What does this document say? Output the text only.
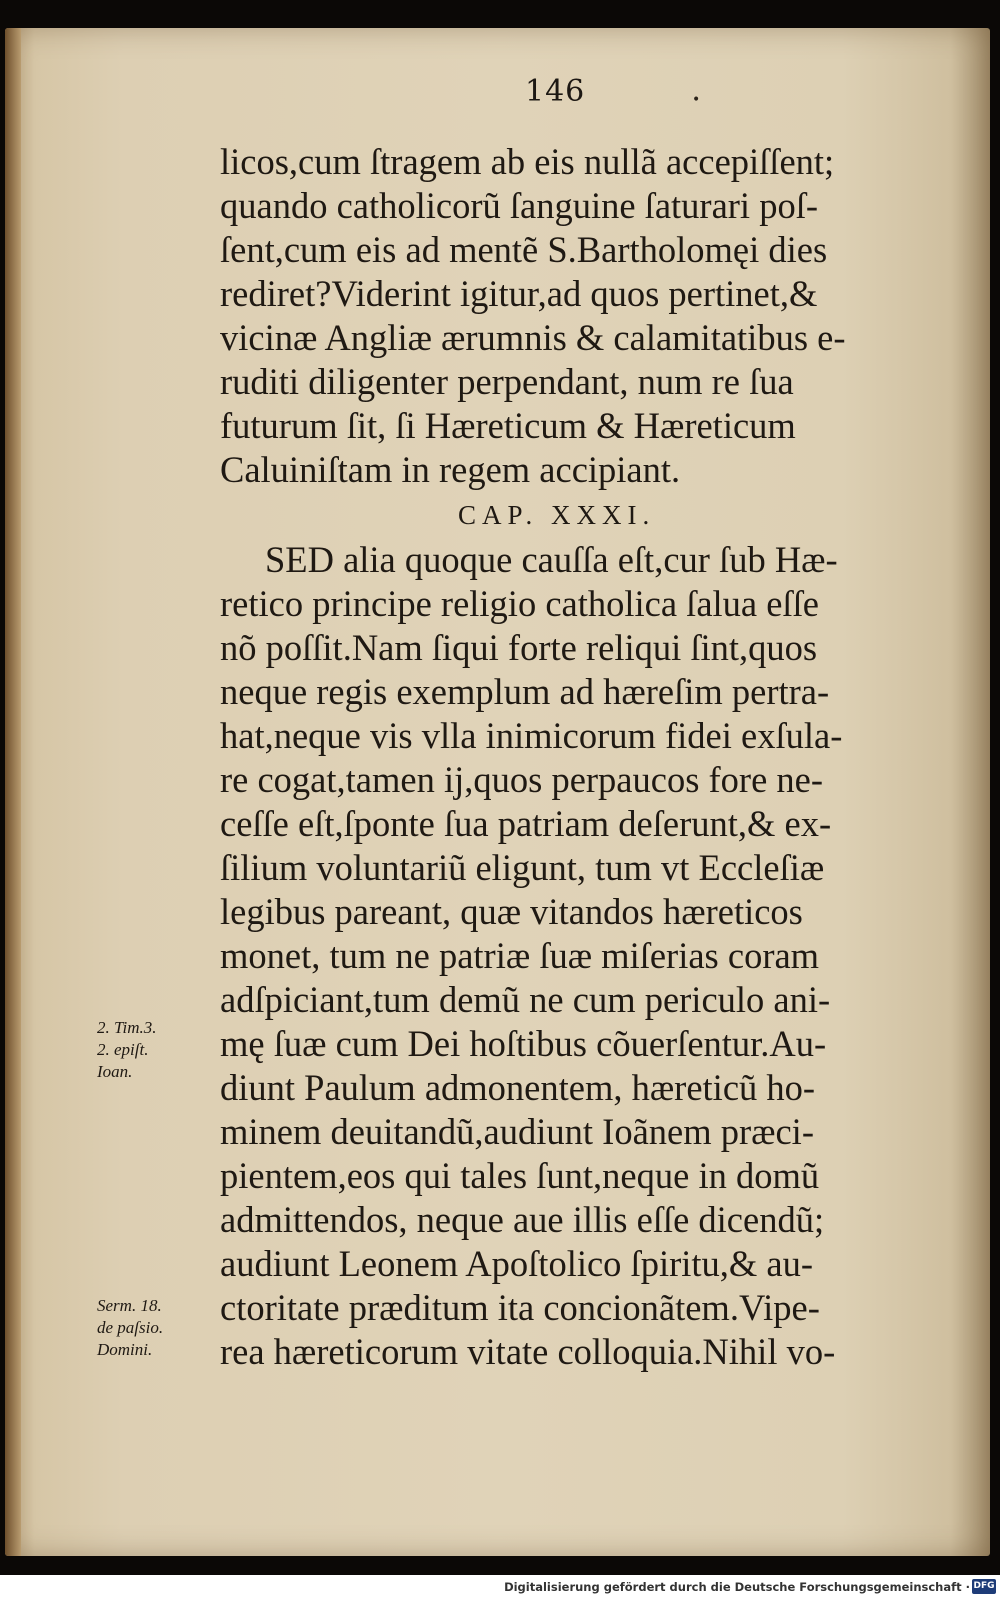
146	•
licos,cum ſtragem ab eis nullã accepiſſent;
quando catholicorũ ſanguine ſaturari poſ-
ſent,cum eis ad mentẽ S.Bartholomęi dies
rediret?Viderint igitur,ad quos pertinet,&
vicinæ Angliæ ærumnis & calamitatibus e-
ruditi diligenter perpendant, num re ſua
futurum ſit, ſi Hæreticum & Hæreticum
Caluiniſtam in regem accipiant.
CAP. XXXI.
SED alia quoque cauſſa eſt,cur ſub Hæ-
retico principe religio catholica ſalua eſſe
nõ poſſit.Nam ſiqui forte reliqui ſint,quos
neque regis exemplum ad hæreſim pertra-
hat,neque vis vlla inimicorum fidei exſula-
re cogat,tamen ij,quos perpaucos fore ne-
ceſſe eſt,ſponte ſua patriam deſerunt,& ex-
ſilium voluntariũ eligunt, tum vt Eccleſiæ
legibus pareant, quæ vitandos hæreticos
monet, tum ne patriæ ſuæ miſerias coram
adſpiciant,tum demũ ne cum periculo ani-
mę ſuæ cum Dei hoſtibus cõuerſentur.Au-
diunt Paulum admonentem, hæreticũ ho-
minem deuitandũ,audiunt Ioãnem præci-
pientem,eos qui tales ſunt,neque in domũ
admittendos, neque aue illis eſſe dicendũ;
audiunt Leonem Apoſtolico ſpiritu,& au-
ctoritate præditum ita concionãtem.Vipe-
rea hæreticorum vitate colloquia.Nihil vo-
2. Tim.3.
2. epiſt.
Ioan.
Serm. 18.
de paſsio.
Domini.
Digitalisierung gefördert durch die Deutsche Forschungsgemeinschaft · DFG
